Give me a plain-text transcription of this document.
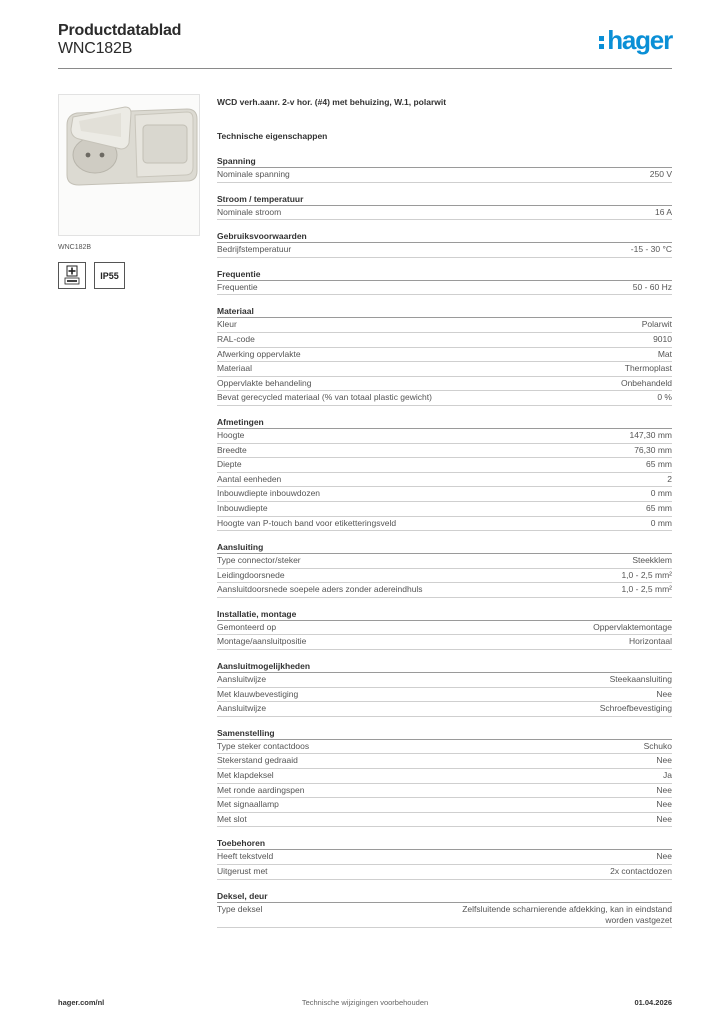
Productdatablad
WNC182B	hager
WNC182B
IP55
WCD verh.aanr. 2-v hor. (#4) met behuizing, W.1, polarwit
Technische eigenschappen
Spanning
Nominale spanning	250 V
Stroom / temperatuur
Nominale stroom	16 A
Gebruiksvoorwaarden
Bedrijfstemperatuur	-15 - 30 °C
Frequentie
Frequentie	50 - 60 Hz
Materiaal
Kleur	Polarwit
RAL-code	9010
Afwerking oppervlakte	Mat
Materiaal	Thermoplast
Oppervlakte behandeling	Onbehandeld
Bevat gerecycled materiaal (% van totaal plastic gewicht)	0 %
Afmetingen
Hoogte	147,30 mm
Breedte	76,30 mm
Diepte	65 mm
Aantal eenheden	2
Inbouwdiepte inbouwdozen	0 mm
Inbouwdiepte	65 mm
Hoogte van P-touch band voor etiketteringsveld	0 mm
Aansluiting
Type connector/steker	Steekklem
Leidingdoorsnede	1,0 - 2,5 mm²
Aansluitdoorsnede soepele aders zonder adereindhuls	1,0 - 2,5 mm²
Installatie, montage
Gemonteerd op	Oppervlaktemontage
Montage/aansluitpositie	Horizontaal
Aansluitmogelijkheden
Aansluitwijze	Steekaansluiting
Met klauwbevestiging	Nee
Aansluitwijze	Schroefbevestiging
Samenstelling
Type steker contactdoos	Schuko
Stekerstand gedraaid	Nee
Met klapdeksel	Ja
Met ronde aardingspen	Nee
Met signaallamp	Nee
Met slot	Nee
Toebehoren
Heeft tekstveld	Nee
Uitgerust met	2x contactdozen
Deksel, deur
Type deksel	Zelfsluitende scharnierende afdekking, kan in eindstand worden vastgezet
hager.com/nl	Technische wijzigingen voorbehouden	01.04.2026
